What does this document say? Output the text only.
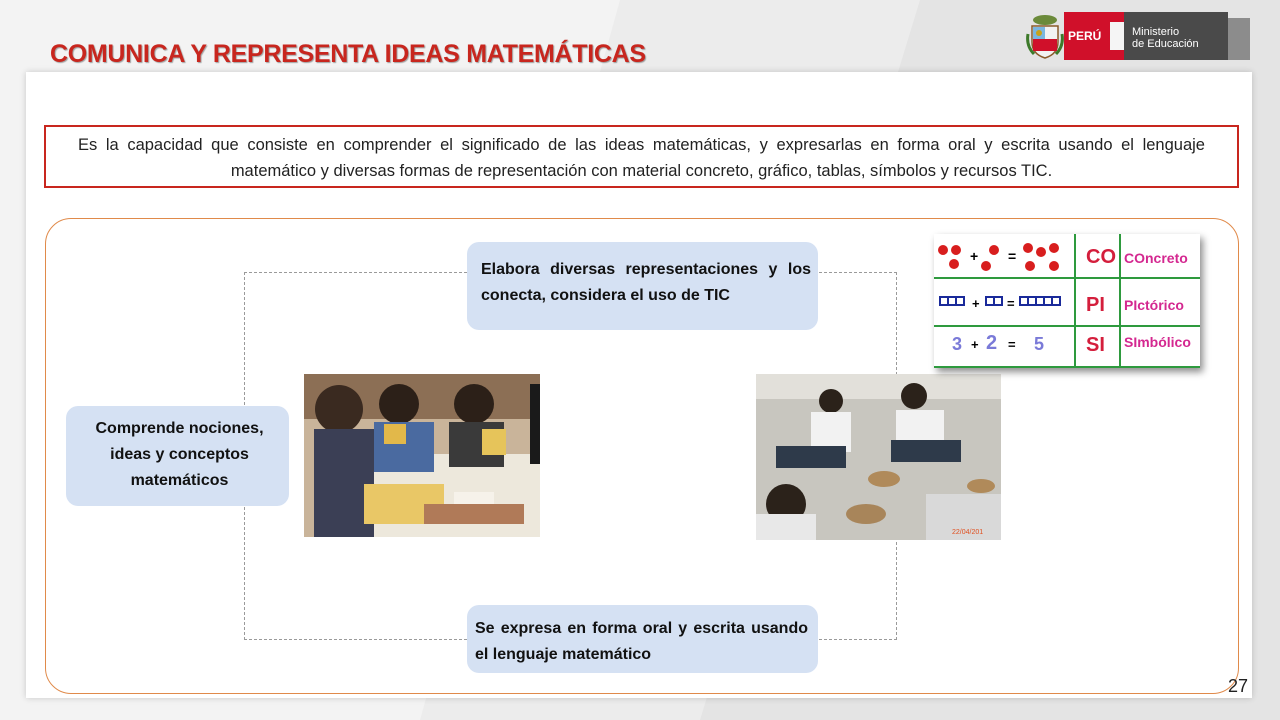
COMUNICA Y REPRESENTA IDEAS MATEMÁTICAS
PERÚ	Ministerio
de Educación
Es la capacidad que consiste en comprender el significado de las ideas matemáticas, y expresarlas en forma oral y escrita usando el lenguaje matemático y diversas formas de representación con material concreto, gráfico, tablas, símbolos y recursos TIC.
Elabora diversas representaciones y los conecta, considera el uso de TIC
Comprende nociones, ideas y conceptos matemáticos
Se expresa en forma oral y escrita usando el lenguaje matemático
22/04/201
+ =	CO COncreto
+ =	PI PIctórico
3 + 2 = 5 SI SImbólico
27
